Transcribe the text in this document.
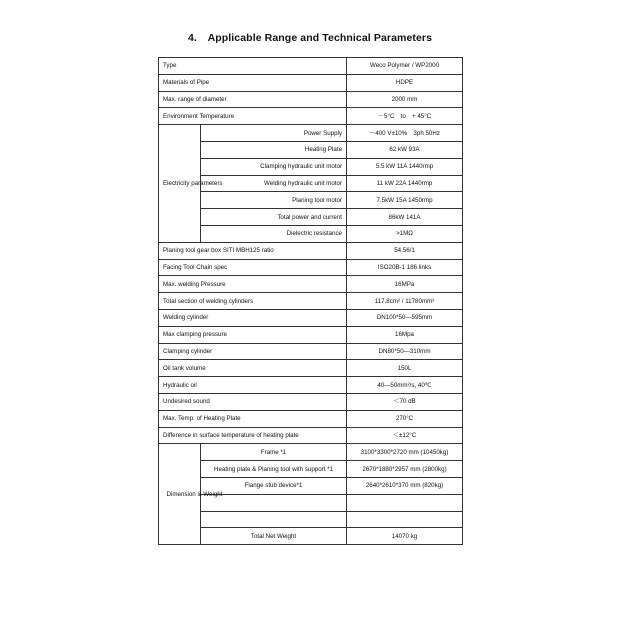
4. Applicable Range and Technical Parameters
Type		Weco Polymer / WP2000
Materials of Pipe		HDPE
Max. range of diameter		2000 mm
Environment Temperature		－5°C　to　+ 45°C
Electricity parameters	Power Supply	～400 V±10%　3ph 50Hz
	Heating Plate	62 kW 93A
	Clamping hydraulic unit motor	5.5 kW 11A 1440rmp
	Welding hydraulic unit motor	11 kW 22A 1440rmp
	Planing tool motor	7.5kW 15A 1450rmp
	Total power and current	86kW 141A
	Dielectric resistance	>1MΩ
Planing tool gear box SITI MBH125 ratio		54.56/1
Facing Tool Chain spec		ISO20B-1 186 links
Max. welding Pressure		16MPa
Total section of welding cylinders		117.8cm² / 11780mm²
Welding cylinder		DN100*50—595mm
Max clamping pressure		16Mpa
Clamping cylinder		DN80*50—310mm
Oil tank volume		150L
Hydraulic oil		40—50mm²/s, 40℃
Undesired sound		＜70 dB
Max. Temp. of Heating Plate		270°C
Difference in surface temperature of heating plate		＜±12°C
Dimension & Weight	Frame *1	3100*3300*2720 mm (10450kg)
	Heating plate & Planing tool with support *1	2670*1880*2957 mm (2800kg)
	Flange stub device*1	2640*2610*370 mm (820kg)

	Total Net Weight	14070 kg
